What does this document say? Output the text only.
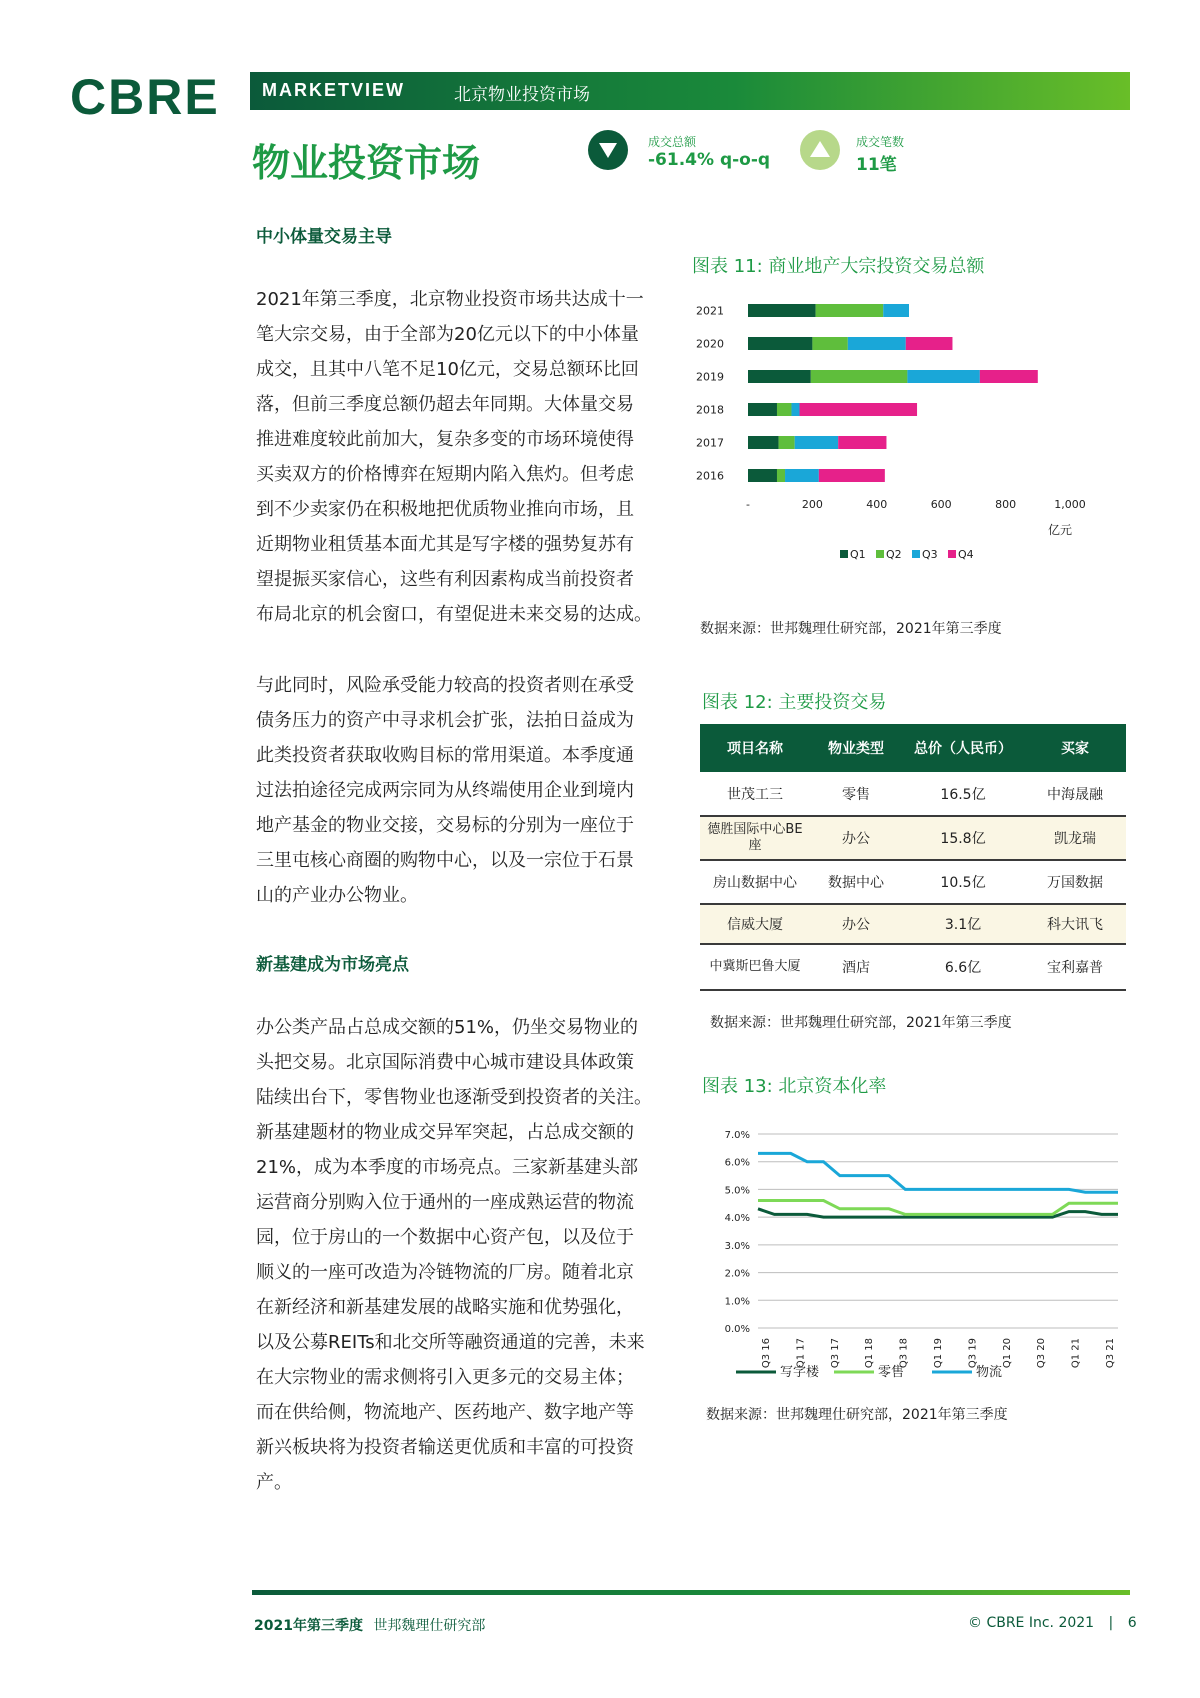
CBRE MARKETVIEW	北京物业投资市场
物业投资市场	成交总额
-61.4% q-o-q
成交笔数
11笔
中小体量交易主导
2021年第三季度，北京物业投资市场共达成十一
笔大宗交易，由于全部为20亿元以下的中小体量
成交，且其中八笔不足10亿元，交易总额环比回
落，但前三季度总额仍超去年同期。大体量交易
推进难度较此前加大，复杂多变的市场环境使得
买卖双方的价格博弈在短期内陷入焦灼。但考虑
到不少卖家仍在积极地把优质物业推向市场，且
近期物业租赁基本面尤其是写字楼的强势复苏有
望提振买家信心，这些有利因素构成当前投资者
布局北京的机会窗口，有望促进未来交易的达成。
与此同时，风险承受能力较高的投资者则在承受
债务压力的资产中寻求机会扩张，法拍日益成为
此类投资者获取收购目标的常用渠道。本季度通
过法拍途径完成两宗同为从终端使用企业到境内
地产基金的物业交接，交易标的分别为一座位于
三里屯核心商圈的购物中心，以及一宗位于石景
山的产业办公物业。
新基建成为市场亮点
办公类产品占总成交额的51%，仍坐交易物业的
头把交易。北京国际消费中心城市建设具体政策
陆续出台下，零售物业也逐渐受到投资者的关注。
新基建题材的物业成交异军突起，占总成交额的
21%，成为本季度的市场亮点。三家新基建头部
运营商分别购入位于通州的一座成熟运营的物流
园，位于房山的一个数据中心资产包，以及位于
顺义的一座可改造为冷链物流的厂房。随着北京
在新经济和新基建发展的战略实施和优势强化，
以及公募REITs和北交所等融资通道的完善，未来
在大宗物业的需求侧将引入更多元的交易主体；
而在供给侧，物流地产、医药地产、数字地产等
新兴板块将为投资者输送更优质和丰富的可投资
产。
图表 11: 商业地产大宗投资交易总额
2021
2020
2019
2018
2017
2016
-	200	400	600	800	1,000
亿元
Q1 Q2 Q3 Q4
数据来源：世邦魏理仕研究部，2021年第三季度
图表 12: 主要投资交易
项目名称	物业类型	总价（人民币）	买家
世茂工三	零售	16.5亿	中海晟融
德胜国际中心BE座	办公	15.8亿	凯龙瑞
房山数据中心	数据中心	10.5亿	万国数据
信威大厦	办公	3.1亿	科大讯飞
中冀斯巴鲁大厦	酒店	6.6亿	宝利嘉普
数据来源：世邦魏理仕研究部，2021年第三季度
图表 13: 北京资本化率
0.0%
1.0%
2.0%
3.0%
4.0%
5.0%
6.0%
7.0%
Q3 16 Q1 17 Q3 17 Q1 18 Q3 18 Q1 19 Q3 19 Q1 20 Q3 20 Q1 21 Q3 21
写字楼	零售	物流
数据来源：世邦魏理仕研究部，2021年第三季度
2021年第三季度 世邦魏理仕研究部	© CBRE Inc. 2021 | 6
